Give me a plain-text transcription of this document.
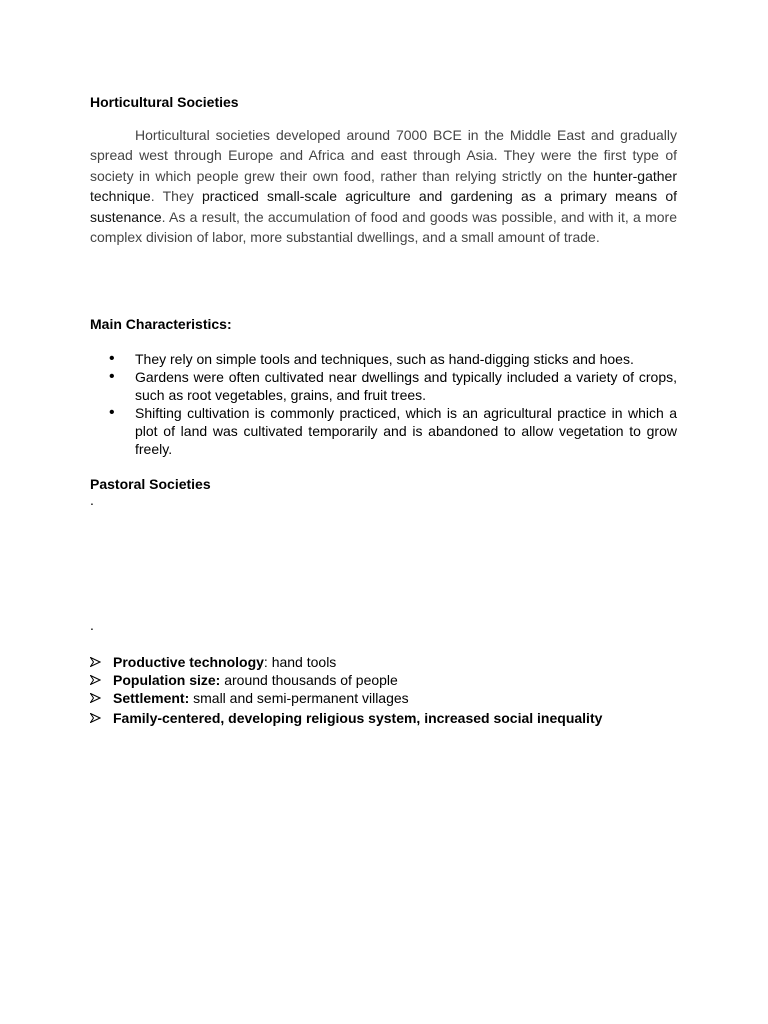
Horticultural Societies

Horticultural societies developed around 7000 BCE in the Middle East and gradually spread west through Europe and Africa and east through Asia. They were the first type of society in which people grew their own food, rather than relying strictly on the hunter-gather technique. They practiced small-scale agriculture and gardening as a primary means of sustenance. As a result, the accumulation of food and goods was possible, and with it, a more complex division of labor, more substantial dwellings, and a small amount of trade.

Main Characteristics:
• They rely on simple tools and techniques, such as hand-digging sticks and hoes.
• Gardens were often cultivated near dwellings and typically included a variety of crops, such as root vegetables, grains, and fruit trees.
• Shifting cultivation is commonly practiced, which is an agricultural practice in which a plot of land was cultivated temporarily and is abandoned to allow vegetation to grow freely.
Pastoral Societies

.

.

Productive technology: hand tools
Population size: around thousands of people
Settlement: small and semi-permanent villages
Family-centered, developing religious system, increased social inequality
